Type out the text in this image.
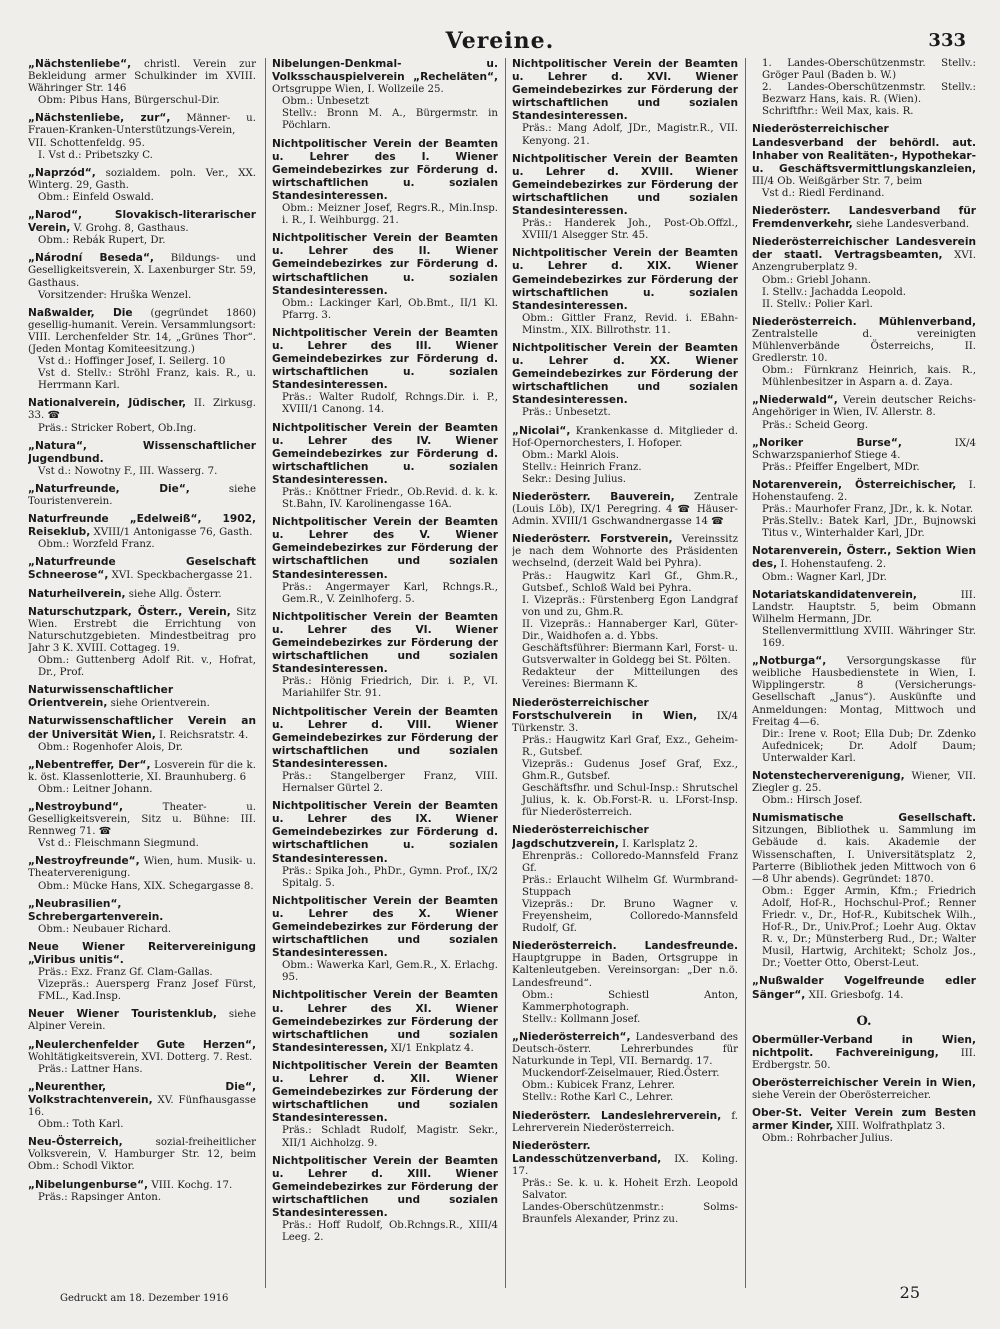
Vereine.	333
„Nächstenliebe“, christl. Verein zur Bekleidung armer Schulkinder im XVIII. Währinger Str. 146
Obm: Pibus Hans, Bürgerschul-Dir.
„Nächstenliebe, zur“, Männer- u. Frauen-Kranken-Unterstützungs-Verein, VII. Schottenfeldg. 95.
I. Vst d.: Pribetszky C.
„Naprzód“, sozialdem. poln. Ver., XX. Winterg. 29, Gasth.
Obm.: Einfeld Oswald.
„Narod“, Slovakisch-literarischer Verein, V. Grohg. 8, Gasthaus.
Obm.: Rebák Rupert, Dr.
„Národní Beseda“, Bildungs- und Geselligkeitsverein, X. Laxenburger Str. 59, Gasthaus.
Vorsitzender: Hruška Wenzel.
Naßwalder, Die (gegründet 1860) gesellig-humanit. Verein. Versammlungsort: VIII. Lerchenfelder Str. 14, „Grünes Thor“. (Jeden Montag Komiteesitzung.)
Vst d.: Hoffinger Josef, I. Seilerg. 10
Vst d. Stellv.: Ströhl Franz, kais. R., u. Herrmann Karl.
Nationalverein, Jüdischer, II. Zirkusg. 33. ☎
Präs.: Stricker Robert, Ob.Ing.
„Natura“, Wissenschaftlicher Jugendbund.
Vst d.: Nowotny F., III. Wasserg. 7.
„Naturfreunde, Die“,	siehe Touristenverein.
Naturfreunde „Edelweiß“, 1902, Reiseklub, XVIII/1 Antonigasse 76, Gasth.
Obm.: Worzfeld Franz.
„Naturfreunde Geselschaft Schneerose“, XVI. Speckbachergasse 21.
Naturheilverein, siehe Allg. Österr.
Naturschutzpark, Österr., Verein, Sitz Wien. Erstrebt die Errichtung von Naturschutzgebieten. Mindestbeitrag pro Jahr 3 K. XVIII. Cottageg. 19.
Obm.: Guttenberg Adolf Rit. v., Hofrat, Dr., Prof.
Naturwissenschaftlicher Orientverein, siehe Orientverein.
Naturwissenschaftlicher Verein an der Universität Wien, I. Reichsratstr. 4.
Obm.: Rogenhofer Alois, Dr.
„Nebentreffer, Der“, Losverein für die k. k. öst. Klassenlotterie, XI. Braunhuberg. 6
Obm.: Leitner Johann.
„Nestroybund“,	Theater- u. Geselligkeitsverein, Sitz u. Bühne: III. Rennweg 71. ☎
Vst d.: Fleischmann Siegmund.
„Nestroyfreunde“, Wien, hum. Musik- u. Theaterverenigung.
Obm.: Mücke Hans, XIX. Schegargasse 8.
„Neubrasilien“, Schrebergartenverein.
Obm.: Neubauer Richard.
Neue Wiener Reitervereinigung „Viribus unitis“.
Präs.: Exz. Franz Gf. Clam-Gallas.
Vizepräs.: Auersperg Franz Josef Fürst, FML., Kad.Insp.
Neuer Wiener Touristenklub, siehe Alpiner Verein.
„Neulerchenfelder Gute Herzen“, Wohltätigkeitsverein, XVI. Dotterg. 7. Rest.
Präs.: Lattner Hans.
„Neurenther, Die“, Volkstrachtenverein, XV. Fünfhausgasse 16.
Obm.: Toth Karl.
Neu-Österreich,	sozial-freiheitlicher Volksverein, V. Hamburger Str. 12, beim Obm.: Schodl Viktor.
„Nibelungenburse“, VIII. Kochg. 17.
Präs.: Rapsinger Anton.
Nibelungen-Denkmal- u. Volksschauspielverein „Recheläten“, Ortsgruppe Wien, I. Wollzeile 25.
Obm.: Unbesetzt
Stellv.: Bronn M. A., Bürgermstr. in Pöchlarn.
Nichtpolitischer Verein der Beamten u. Lehrer des I. Wiener Gemeindebezirkes zur Förderung d. wirtschaftlichen u. sozialen Standesinteressen.
Obm.: Meizner Josef, Regrs.R., Min.Insp. i. R., I. Weihburgg. 21.
Nichtpolitischer Verein der Beamten u. Lehrer des II. Wiener Gemeindebezirkes zur Förderung d. wirtschaftlichen u. sozialen Standesinteressen.
Obm.: Lackinger Karl, Ob.Bmt., II/1 Kl. Pfarrg. 3.
Nichtpolitischer Verein der Beamten u. Lehrer des III. Wiener Gemeindebezirkes zur Förderung d. wirtschaftlichen u. sozialen Standesinteressen.
Präs.: Walter Rudolf, Rchngs.Dir. i. P., XVIII/1 Canong. 14.
Nichtpolitischer Verein der Beamten u. Lehrer des IV. Wiener Gemeindebezirkes zur Förderung d. wirtschaftlichen u. sozialen Standesinteressen.
Präs.: Knöttner Friedr., Ob.Revid. d. k. k. St.Bahn, IV. Karolinengasse 16A.
Nichtpolitischer Verein der Beamten u. Lehrer des V. Wiener Gemeindebezirkes zur Förderung der wirtschaftlichen und sozialen Standesinteressen.
Präs.: Angermayer Karl, Rchngs.R., Gem.R., V. Zeinlhoferg. 5.
Nichtpolitischer Verein der Beamten u. Lehrer des VI. Wiener Gemeindebezirkes zur Förderung der wirtschaftlichen und sozialen Standesinteressen.
Präs.: Hönig Friedrich, Dir. i. P., VI. Mariahilfer Str. 91.
Nichtpolitischer Verein der Beamten u. Lehrer d. VIII. Wiener Gemeindebezirkes zur Förderung der wirtschaftlichen und sozialen Standesinteressen.
Präs.: Stangelberger Franz, VIII. Hernalser Gürtel 2.
Nichtpolitischer Verein der Beamten u. Lehrer des IX. Wiener Gemeindebezirkes zur Förderung d. wirtschaftlichen u. sozialen Standesinteressen.
Präs.: Spika Joh., PhDr., Gymn. Prof., IX/2 Spitalg. 5.
Nichtpolitischer Verein der Beamten u. Lehrer des X. Wiener Gemeindebezirkes zur Förderung der wirtschaftlichen und sozialen Standesinteressen.
Obm.: Wawerka Karl, Gem.R., X. Erlachg. 95.
Nichtpolitischer Verein der Beamten u. Lehrer des XI. Wiener Gemeindebezirkes zur Förderung der wirtschaftlichen und sozialen Standesinteressen, XI/1 Enkplatz 4.
Nichtpolitischer Verein der Beamten u. Lehrer d. XII. Wiener Gemeindebezirkes zur Förderung der wirtschaftlichen und sozialen Standesinteressen.
Präs.: Schladt Rudolf, Magistr. Sekr., XII/1 Aichholzg. 9.
Nichtpolitischer Verein der Beamten u. Lehrer d. XIII. Wiener Gemeindebezirkes zur Förderung der wirtschaftlichen und sozialen Standesinteressen.
Präs.: Hoff Rudolf, Ob.Rchngs.R., XIII/4 Leeg. 2.
Nichtpolitischer Verein der Beamten u. Lehrer d. XVI. Wiener Gemeindebezirkes zur Förderung der wirtschaftlichen und sozialen Standesinteressen.
Präs.: Mang Adolf, JDr., Magistr.R., VII. Kenyong. 21.
Nichtpolitischer Verein der Beamten u. Lehrer d. XVIII. Wiener Gemeindebezirkes zur Förderung der wirtschaftlichen und sozialen Standesinteressen.
Präs.: Handerek Joh., Post-Ob.Offzl., XVIII/1 Alsegger Str. 45.
Nichtpolitischer Verein der Beamten u. Lehrer d. XIX. Wiener Gemeindebezirkes zur Förderung der wirtschaftlichen u. sozialen Standesinteressen.
Obm.: Gittler Franz, Revid. i. EBahn-Minstm., XIX. Billrothstr. 11.
Nichtpolitischer Verein der Beamten u. Lehrer d. XX. Wiener Gemeindebezirkes zur Förderung der wirtschaftlichen und sozialen Standesinteressen.
Präs.: Unbesetzt.
„Nicolai“, Krankenkasse d. Mitglieder d. Hof-Opernorchesters, I. Hofoper.
Obm.: Markl Alois.
Stellv.: Heinrich Franz.
Sekr.: Desing Julius.
Niederösterr. Bauverein, Zentrale (Louis Löb), IX/1 Peregring. 4 ☎ Häuser-Admin. XVIII/1 Gschwandnergasse 14 ☎
Niederösterr. Forstverein, Vereinssitz je nach dem Wohnorte des Präsidenten wechselnd, (derzeit Wald bei Pyhra).
Präs.: Haugwitz Karl Gf., Ghm.R., Gutsbef., Schloß Wald bei Pyhra.
I. Vizepräs.: Fürstenberg Egon Landgraf von und zu, Ghm.R.
II. Vizepräs.: Hannaberger Karl, Güter-Dir., Waidhofen a. d. Ybbs.
Geschäftsführer: Biermann Karl, Forst- u. Gutsverwalter in Goldegg bei St. Pölten.
Redakteur der Mitteilungen des Vereines: Biermann K.
Niederösterreichischer Forstschulverein in Wien, IX/4 Türkenstr. 3.
Präs.: Haugwitz Karl Graf, Exz., Geheim-R., Gutsbef.
Vizepräs.: Gudenus Josef Graf, Exz., Ghm.R., Gutsbef.
Geschäftsfhr. und Schul-Insp.: Shrutschel Julius, k. k. Ob.Forst-R. u. LForst-Insp. für Niederösterreich.
Niederösterreichischer Jagdschutzverein, I. Karlsplatz 2.
Ehrenpräs.: Colloredo-Mannsfeld Franz Gf.
Präs.: Erlaucht Wilhelm Gf. Wurmbrand-Stuppach
Vizepräs.: Dr. Bruno Wagner v. Freyensheim, Colloredo-Mannsfeld Rudolf, Gf.
Niederösterreich. Landesfreunde. Hauptgruppe in Baden, Ortsgruppe in Kaltenleutgeben. Vereinsorgan: „Der n.ö. Landesfreund“.
Obm.: Schiestl Anton, Kammerphotograph.
Stellv.: Kollmann Josef.
„Niederösterreich“, Landesverband des Deutsch-österr. Lehrerbundes für Naturkunde in Tepl, VII. Bernardg. 17.
Muckendorf-Zeiselmauer, Ried.Österr.
Obm.: Kubicek Franz, Lehrer.
Stellv.: Rothe Karl C., Lehrer.
Niederösterr. Landeslehrerverein, f. Lehrerverein Niederösterreich.
Niederösterr. Landesschützenverband, IX. Koling. 17.
Präs.: Se. k. u. k. Hoheit Erzh. Leopold Salvator.
Landes-Oberschützenmstr.: Solms-Braunfels Alexander, Prinz zu.
1. Landes-Oberschützenmstr. Stellv.: Gröger Paul (Baden b. W.)
2. Landes-Oberschützenmstr. Stellv.: Bezwarz Hans, kais. R. (Wien).
Schriftfhr.: Weil Max, kais. R.
Niederösterreichischer Landesverband der behördl. aut. Inhaber von Realitäten-, Hypothekar- u. Geschäftsvermittlungskanzleien, III/4 Ob. Weißgärber Str. 7, beim
Vst d.: Riedl Ferdinand.
Niederösterr. Landesverband für Fremdenverkehr, siehe Landesverband.
Niederösterreichischer Landesverein der staatl. Vertragsbeamten, XVI. Anzengruberplatz 9.
Obm.: Griebl Johann.
I. Stellv.: Jachadda Leopold.
II. Stellv.: Polier Karl.
Niederösterreich. Mühlenverband, Zentralstelle d. vereinigten Mühlenverbände Österreichs, II. Gredlerstr. 10.
Obm.: Fürnkranz Heinrich, kais. R., Mühlenbesitzer in Asparn a. d. Zaya.
„Niederwald“, Verein deutscher Reichs-Angehöriger in Wien, IV. Allerstr. 8.
Präs.: Scheid Georg.
„Noriker Burse“,	IX/4 Schwarzspanierhof Stiege 4.
Präs.: Pfeiffer Engelbert, MDr.
Notarenverein, Österreichischer, I. Hohenstaufeng. 2.
Präs.: Maurhofer Franz, JDr., k. k. Notar.
Präs.Stellv.: Batek Karl, JDr., Bujnowski Titus v., Winterhalder Karl, JDr.
Notarenverein, Österr., Sektion Wien des, I. Hohenstaufeng. 2.
Obm.: Wagner Karl, JDr.
Notariatskandidatenverein,	III. Landstr. Hauptstr. 5, beim Obmann Wilhelm Hermann, JDr.
Stellenvermittlung XVIII. Währinger Str. 169.
„Notburga“, Versorgungskasse für weibliche Hausbedienstete in Wien, I. Wipplingerstr. 8 (Versicherungs-Gesellschaft „Janus“). Auskünfte und Anmeldungen: Montag, Mittwoch und Freitag 4—6.
Dir.: Irene v. Root; Ella Dub; Dr. Zdenko Aufednicek; Dr. Adolf Daum; Unterwalder Karl.
Notenstecherverenigung, Wiener, VII. Ziegler g. 25.
Obm.: Hirsch Josef.
Numismatische Gesellschaft. Sitzungen, Bibliothek u. Sammlung im Gebäude d. kais. Akademie der Wissenschaften, I. Universitätsplatz 2, Parterre (Bibliothek jeden Mittwoch von 6—8 Uhr abends). Gegründet: 1870.
Obm.: Egger Armin, Kfm.; Friedrich Adolf, Hof-R., Hochschul-Prof.; Renner Friedr. v., Dr., Hof-R., Kubitschek Wilh., Hof-R., Dr., Univ.Prof.; Loehr Aug. Oktav R. v., Dr.; Münsterberg Rud., Dr.; Walter Musil, Hartwig, Architekt; Scholz Jos., Dr.; Voetter Otto, Oberst-Leut.
„Nußwalder Vogelfreunde edler Sänger“, XII. Griesbofg. 14.
O.
Obermüller-Verband in Wien, nichtpolit. Fachvereinigung, III. Erdbergstr. 50.
Oberösterreichischer Verein in Wien, siehe Verein der Oberösterreicher.
Ober-St. Veiter Verein zum Besten armer Kinder, XIII. Wolfrathplatz 3.
Obm.: Rohrbacher Julius.
Gedruckt am 18. Dezember 1916	25
